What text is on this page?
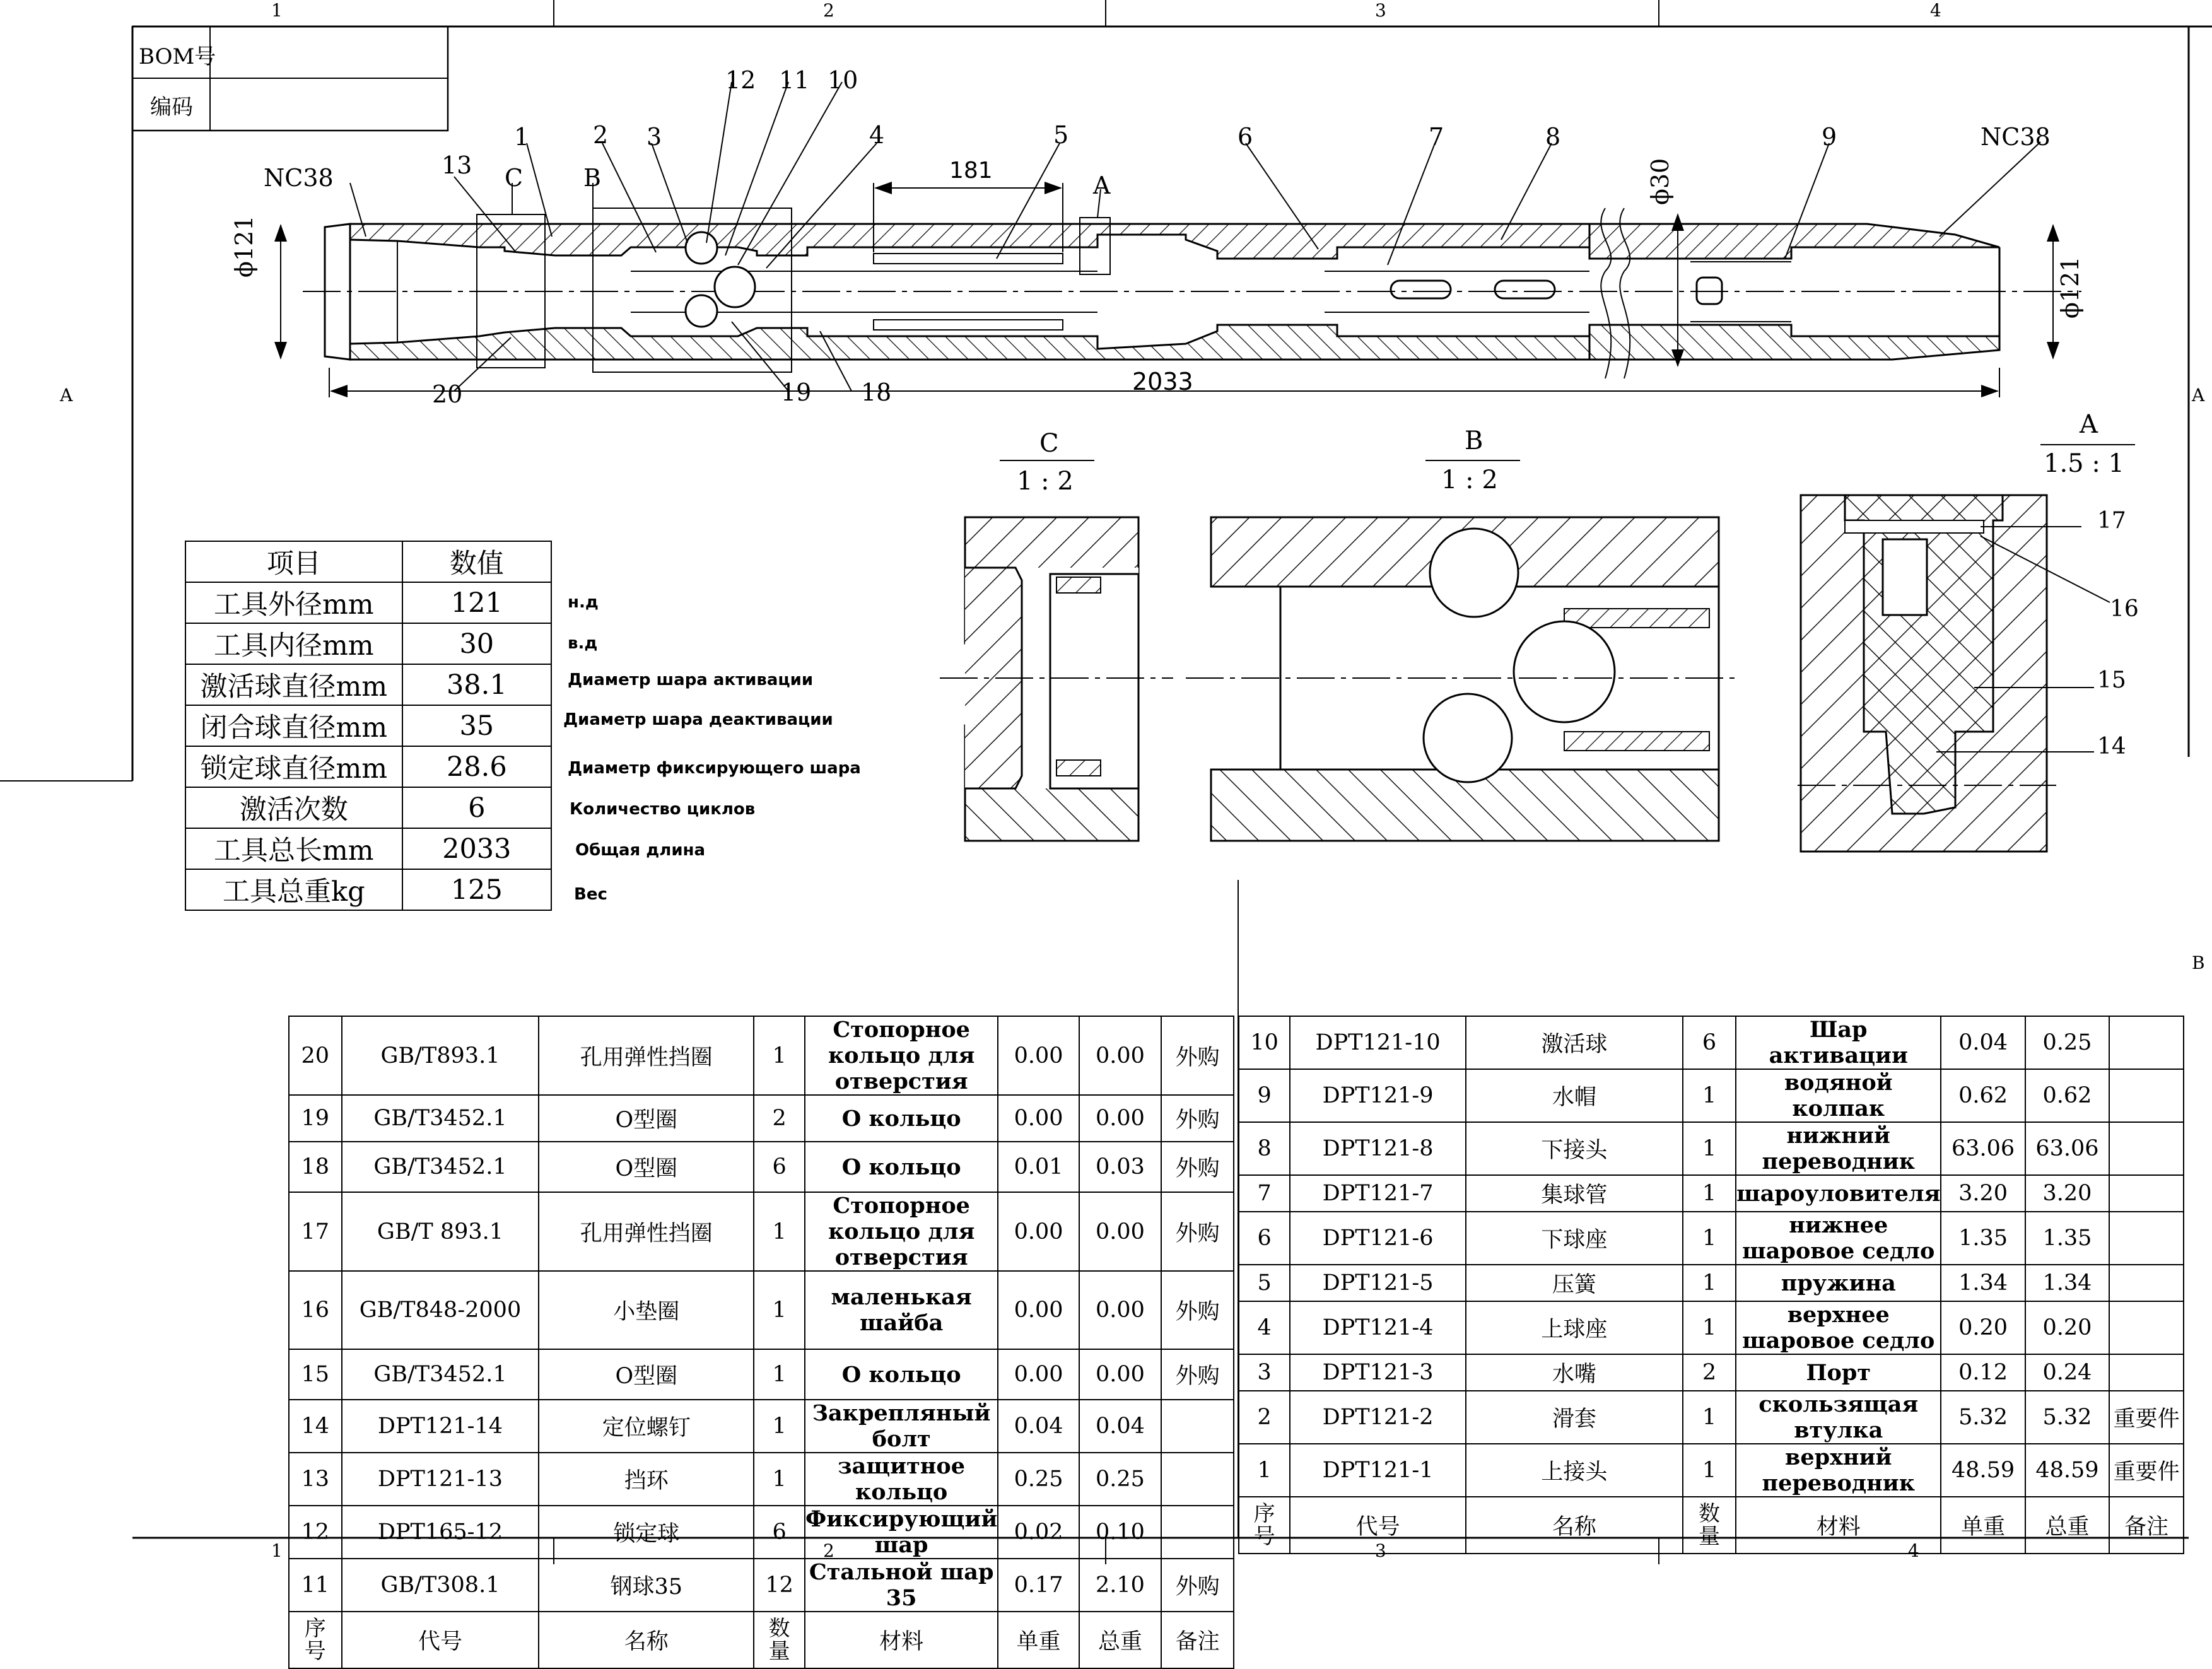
1	2	3	4
1	2	3	4
A	A
B
BOM号
编码
1	2 3	4	5	6	7	8	9
10
11
12
13
18
19
20
NC38
NC38
181
2033
ϕ121
ϕ121
ϕ30
A
B
C
C
1 : 2
B
1 : 2
A
1.5 : 1
17
16
15
14
项目	数值
工具外径mm	121
工具内径mm	30
激活球直径mm	38.1
闭合球直径mm	35
锁定球直径mm	28.6
激活次数	6
工具总长mm	2033
工具总重kg	125
н.д
в.д
Диаметр шара активации
Диаметр шара деактивации
Диаметр фиксирующего шара
Количество циклов
Общая длина
Вес
20	GB/T893.1	孔用弹性挡圈	1	Стопорное кольцо для отверстия	0.00	0.00	外购
19	GB/T3452.1	O型圈	2	О кольцо	0.00	0.00	外购
18	GB/T3452.1	O型圈	6	О кольцо	0.01	0.03	外购
17	GB/T 893.1	孔用弹性挡圈	1	Стопорное кольцо для отверстия	0.00	0.00	外购
16	GB/T848-2000	小垫圈	1	маленькая шайба	0.00	0.00	外购
15	GB/T3452.1	O型圈	1	О кольцо	0.00	0.00	外购
14	DPT121-14	定位螺钉	1	Закрепляный болт	0.04	0.04	
13	DPT121-13	挡环	1	защитное кольцо	0.25	0.25	
12	DPT165-12	锁定球	6	Фиксирующий шар	0.02	0.10	
11	GB/T308.1	钢球35	12	Стальной шар 35	0.17	2.10	外购
序号	代号	名称	数量	材料	单重	总重	备注
10	DPT121-10	激活球	6	Шар активации	0.04	0.25	
9	DPT121-9	水帽	1	водяной колпак	0.62	0.62	
8	DPT121-8	下接头	1	нижний переводник	63.06	63.06	
7	DPT121-7	集球管	1	шароуловителя	3.20	3.20	
6	DPT121-6	下球座	1	нижнее шаровое седло	1.35	1.35	
5	DPT121-5	压簧	1	пружина	1.34	1.34	
4	DPT121-4	上球座	1	верхнее шаровое седло	0.20	0.20	
3	DPT121-3	水嘴	2	Порт	0.12	0.24	
2	DPT121-2	滑套	1	скользящая втулка	5.32	5.32	重要件
1	DPT121-1	上接头	1	верхний переводник	48.59	48.59	重要件
序号	代号	名称	数量	材料	单重	总重	备注
